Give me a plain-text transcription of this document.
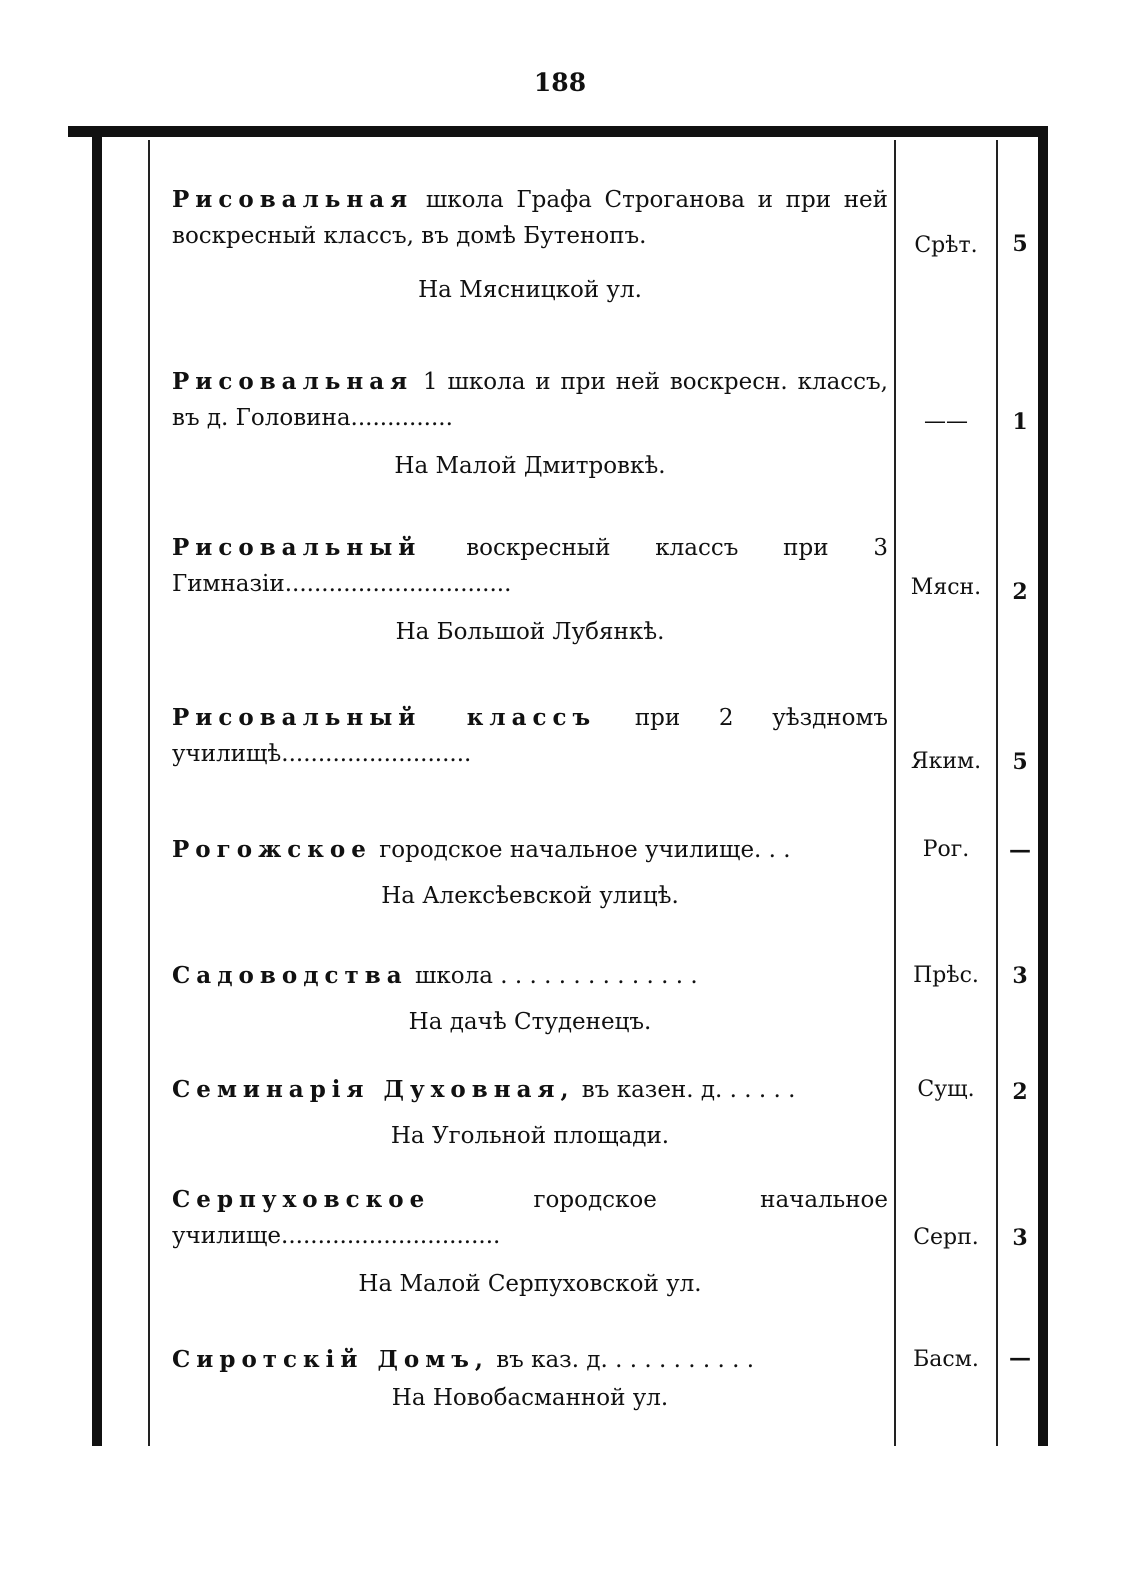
188
Рисовальная школа Графа Строганова и при ней воскресный классъ, въ домѣ Бутенопъ.
На Мясницкой ул.
Срѣт.	5
Рисовальная 1 школа и при ней воскресн. классъ, въ д. Головина..............
На Малой Дмитровкѣ.
——	1
Рисовальный воскресный классъ при 3 Гимназіи...............................
На Большой Лубянкѣ.
Мясн.	2
Рисовальный классъ при 2 уѣздномъ училищѣ..........................	Яким.	5
Рогожское городское начальное училище. . .
На Алексѣевской улицѣ.
Рог.	—
Садоводства школа . . . . . . . . . . . . . .
На дачѣ Студенецъ.
Прѣс.	3
Семинарія Духовная, въ казен. д. . . . . .
На Угольной площади.
Сущ.	2
Серпуховское	городское начальное училище..............................
На Малой Серпуховской ул.
Серп.	3
Сиротскій Домъ, въ каз. д. . . . . . . . . . .
На Новобасманной ул.
Басм.	—
